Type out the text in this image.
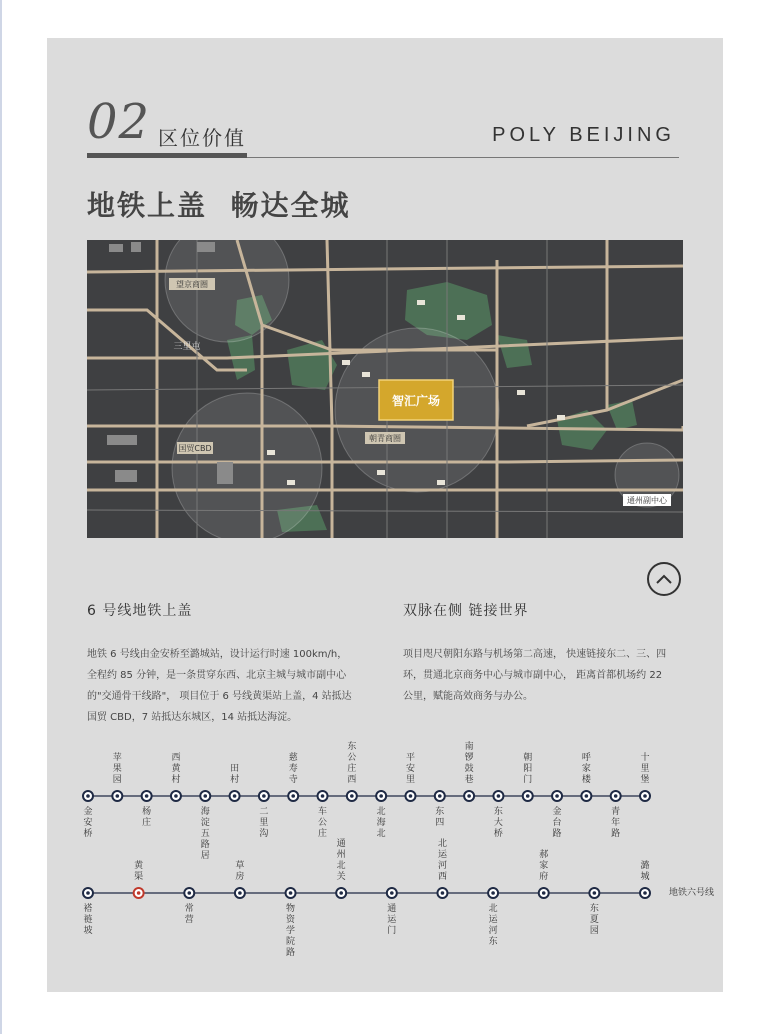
02 区位价值	POLY BEIJING
地铁上盖  畅达全城
望京商圈
三里屯
国贸CBD
朝青商圈
通州副中心
智汇广场
6 号线地铁上盖
地铁 6 号线由金安桥至潞城站，设计运行时速 100km/h，
全程约 85 分钟，是一条贯穿东西、北京主城与城市副中心
的"交通骨干线路"， 项目位于 6 号线黄渠站上盖，4 站抵达
国贸 CBD，7 站抵达东城区，14 站抵达海淀。
双脉在侧 链接世界
项目咫尺朝阳东路与机场第二高速， 快速链接东二、三、四
环，贯通北京商务中心与城市副中心， 距离首都机场约 22
公里，赋能高效商务与办公。
金
安
桥
苹
果
园
杨
庄
西
黄
村
海
淀
五
路
居
田
村
二
里
沟
慈
寿
寺
车
公
庄
东
公
庄
西
北
海
北
平
安
里
东
四
南
锣
鼓
巷
东
大
桥
朝
阳
门
金
台
路
呼
家
楼
青
年
路
十
里
堡
褡
裢
坡
黄
渠
常
营
草
房
物
资
学
院
路
通
州
北
关
通
运
门
北
运
河
西
北
运
河
东
郝
家
府
东
夏
园
潞
城
地铁六号线
